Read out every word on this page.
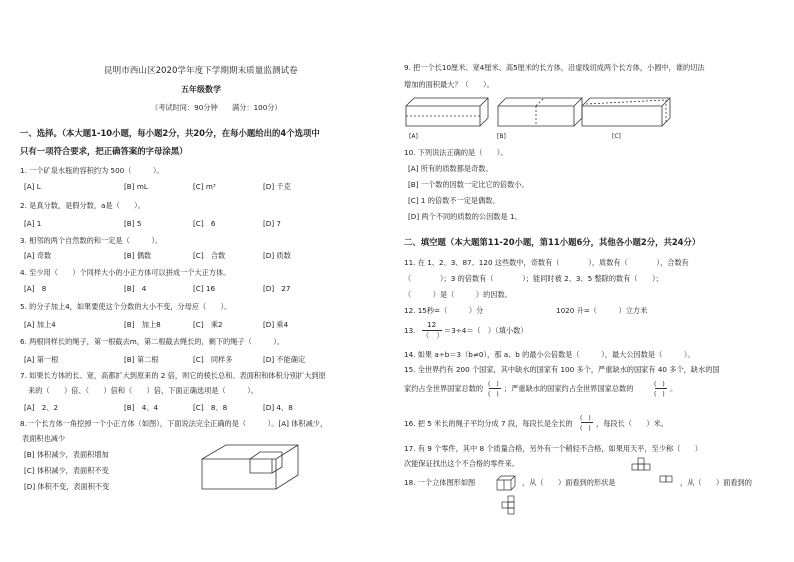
昆明市西山区2020学年度下学期期末质量监测试卷
五年级数学
（考试时间：90分钟　　满分：100分）
一、选择。（本大题1-10小题，每小题2分，共20分，在每小题给出的4个选项中
只有一项符合要求，把正确答案的字母涂黑）
1. 一个矿泉水瓶的容积约为 500（　　　）。
[A] L	[B] mL	[C] m³	[D] 千克
2. 是真分数，是假分数，a是（　　）。
[A] 1	[B] 5	[C]　6	[D] 7
3. 相邻的两个自然数的和一定是（　　　）。
[A] 奇数	[B] 偶数	[C]　合数	[D] 质数
4. 至少用（　　）个同样大小的小正方体可以拼成一个大正方体。
[A]　8	[B]　4	[C] 16	[D]　27
5. 的分子加上4，如果要使这个分数的大小不变，分母应（　　）。
[A] 加上4	[B]　加上8	[C]　乘2	[D] 乘4
6. 两根同样长的绳子，第一根截去m，第二根截去绳长的，剩下的绳子（　　　）。
[A] 第一根	[B] 第二根	[C]　同样多	[D] 不能确定
7. 如果长方体的长、宽，高都扩大到原来的 2 倍，则它的棱长总和、表面积和体积分别扩大到原
来的（　　）倍、（　　）倍和（　　）倍，下面正确选项是（　　　）。
[A]　2、2	[B]　4、4	[C]　8、8	[D] 4、8
8.一个长方体一角挖掉一个小正方体（如图），下面说法完全正确的是（　　　）。[A] 体积减少，
表面积也减少
[B] 体积减少，表面积增加
[C] 体积减少，表面积不变
[D] 体积不变，表面积不变
9. 把一个长10厘米、宽4厘米、高5厘米的长方体，沿虚线切成两个长方体，小圆中，谁的切法
增加的面积最大？（　　）。
[A]	[B]	[C]
10. 下列说法正确的是（　　）。
[A] 所有的质数都是奇数。
[B] 一个数的因数一定比它的倍数小。
[C] 1 的倍数不一定是偶数。
[D] 两个不同的质数的公因数是 1。
二、填空题（本大题第11-20小题，第11小题6分，其他各小题2分，共24分）
11. 在 1、2、3、87、120 这些数中，奇数有（　　　　），质数有（　　　　），合数有
（　　　　）；3 的倍数有（　　　　）；能同时被 2、3、5 整除的数有（　　）；
（　　　）是（　　　）的因数。
12. 15秒=（　　　）分	1020 升=（　　　）立方米
13.
12
（　）
＝3÷4＝（　）（填小数）
14. 如果 a÷b＝3（b≠0），那 a、b 的最小公倍数是（　　　），最大公因数是（　　　）。
15. 全世界约有 200 个国家，其中缺水的国家有 100 多个，严重缺水的国家有 40 多个，缺水的国
家约占全世界国家总数的 (　)
(　)
；严重缺水的国家约占全世界国家总数的	(　)
(　)
。
16. 把 5 米长的绳子平均分成 7 段，每段长是全长的
(　)
(　)
，每段长（　　）米。
17. 有 9 个零件，其中 8 个质量合格，另外有一个稍轻不合格，如果用天平，至少称（　　）
次能保证找出这个不合格的零件来。
18. 一个立体图形如图	，从（　　）面看到的形状是	，从（　　）面看到的
